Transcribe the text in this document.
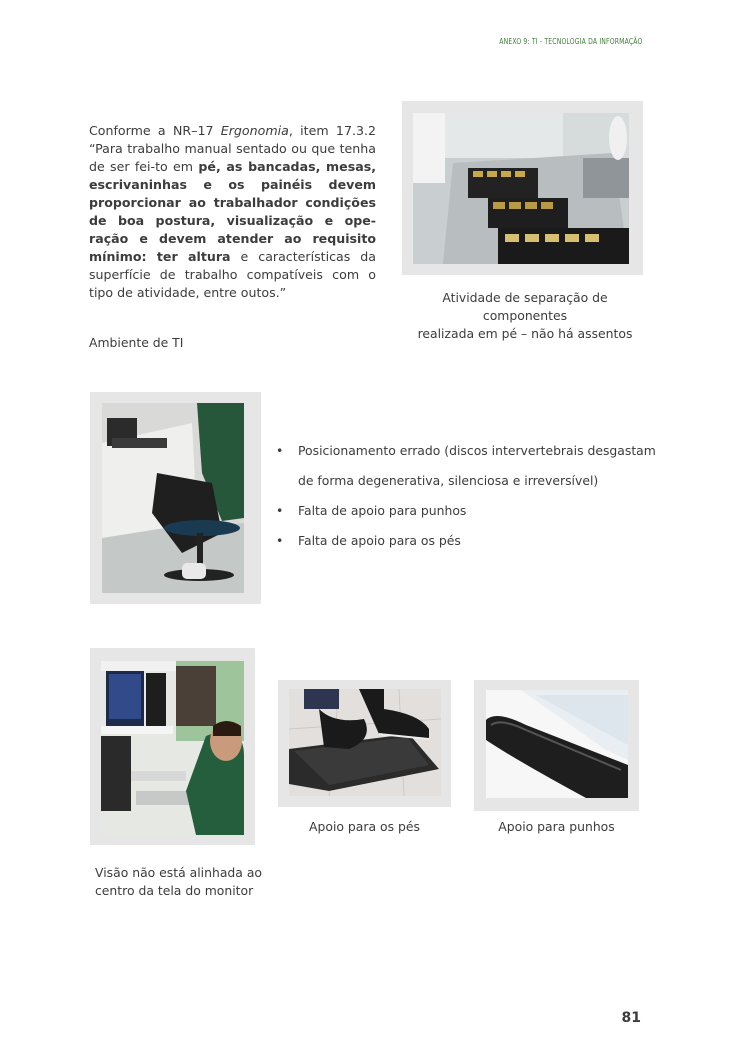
ANEXO 9: TI - TECNOLOGIA DA INFORMAÇÃO

Conforme a NR–17 Ergonomia, item 17.3.2 “Para trabalho manual sentado ou que tenha de ser fei-to em pé, as bancadas, mesas, escrivaninhas e os painéis devem proporcionar ao trabalhador condições de boa postura, visualização e ope-ração e devem atender ao requisito mínimo: ter altura e características da superfície de trabalho compatíveis com o tipo de atividade, entre outos.”	Atividade de separação de componentes
realizada em pé – não há assentos
Ambiente de TI
• Posicionamento errado (discos intervertebrais desgastam
de forma degenerativa, silenciosa e irreversível)
• Falta de apoio para punhos
• Falta de apoio para os pés
Visão não está alinhada ao
centro da tela do monitor
Apoio para os pés	Apoio para punhos
81
